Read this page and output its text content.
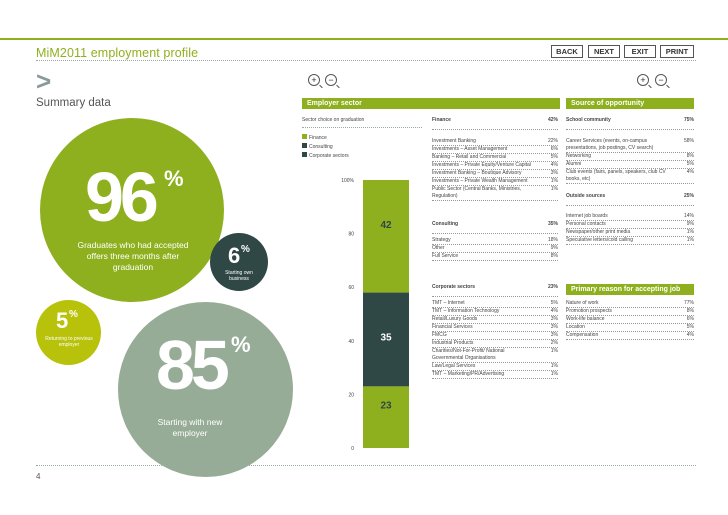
MiM2011 employment profile	BACK	NEXT	EXIT	PRINT
>
Summary data
+	−	+	−
96 %
Graduates who had accepted offers three months after graduation	6 %
Starting own business
5 %
Returning to previous employer 85 %
Starting with new employer
Employer sector
Sector choice on graduation
Finance
Consulting
Corporate sectors
0
20
40
60
80
100%
23
35
42
Finance	42%
Investment Banking	22%
Investments – Asset Management	6%
Banking – Retail and Commercial	5%
Investments – Private Equity/Venture Capital	4%
Investment Banking – Boutique Advisory	3%
Investments – Private Wealth Management	1%
Public Sector (Central Banks, Ministries, Regulation)
1%
Consulting	35%
Strategy	18%
Other	9%
Full Service	8%
Corporate sectors	23%
TMT – Internet	5%
TMT – Information Technology	4%
Retail/Luxury Goods	3%
Financial Services	3%
FMCG	3%
Industrial Products	2%
Charities/Not-For-Profit/ National Governmental Organisations
1%
Law/Legal Services	1%
TMT – Marketing/PR/Advertising	1%
Source of opportunity
School community	75%
Career Services (events, on-campus presentations, job postings, CV search)
58%
Networking	8%
Alumni	5%
Club events (fairs, panels, speakers, club CV books, etc)
4%
Outside sources	25%
Internet job boards	14%
Personal contacts	9%
Newspaper/other print media	1%
Speculative letters/cold calling	1%
Primary reason for accepting job
Nature of work	77%
Promotion prospects	8%
Work-life balance	6%
Location	5%
Compensation	4%
4
